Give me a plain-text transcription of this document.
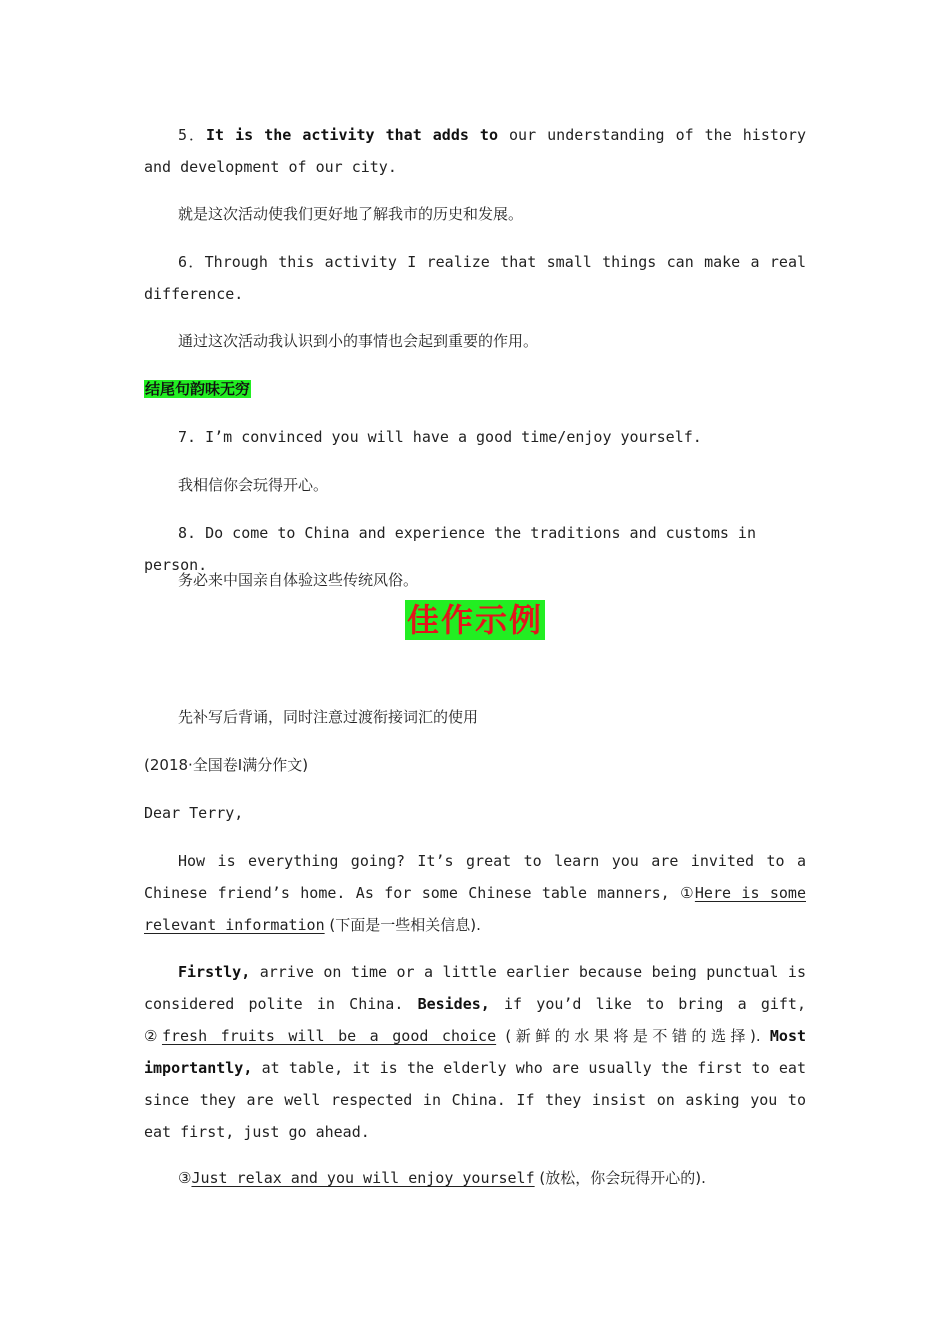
5．It is the activity that adds to our understanding of the history and development of our city.

就是这次活动使我们更好地了解我市的历史和发展。

6．Through this activity I realize that small things can make a real difference.

通过这次活动我认识到小的事情也会起到重要的作用。

结尾句韵味无穷

7. I’m convinced you will have a good time/enjoy yourself.

我相信你会玩得开心。

8. Do come to China and experience the traditions and customs in person.

务必来中国亲自体验这些传统风俗。

佳作示例

先补写后背诵，同时注意过渡衔接词汇的使用

(2018·全国卷Ⅰ满分作文)

Dear Terry,

How is everything going? It’s great to learn you are invited to a Chinese friend’s home. As for some Chinese table manners, ①Here is some relevant information (下面是一些相关信息).

Firstly, arrive on time or a little earlier because being punctual is considered polite in China. Besides, if you’d like to bring a gift, ②fresh fruits will be a good choice (新鲜的水果将是不错的选择). Most importantly, at table, it is the elderly who are usually the first to eat since they are well respected in China. If they insist on asking you to eat first, just go ahead.

③Just relax and you will enjoy yourself (放松，你会玩得开心的).
